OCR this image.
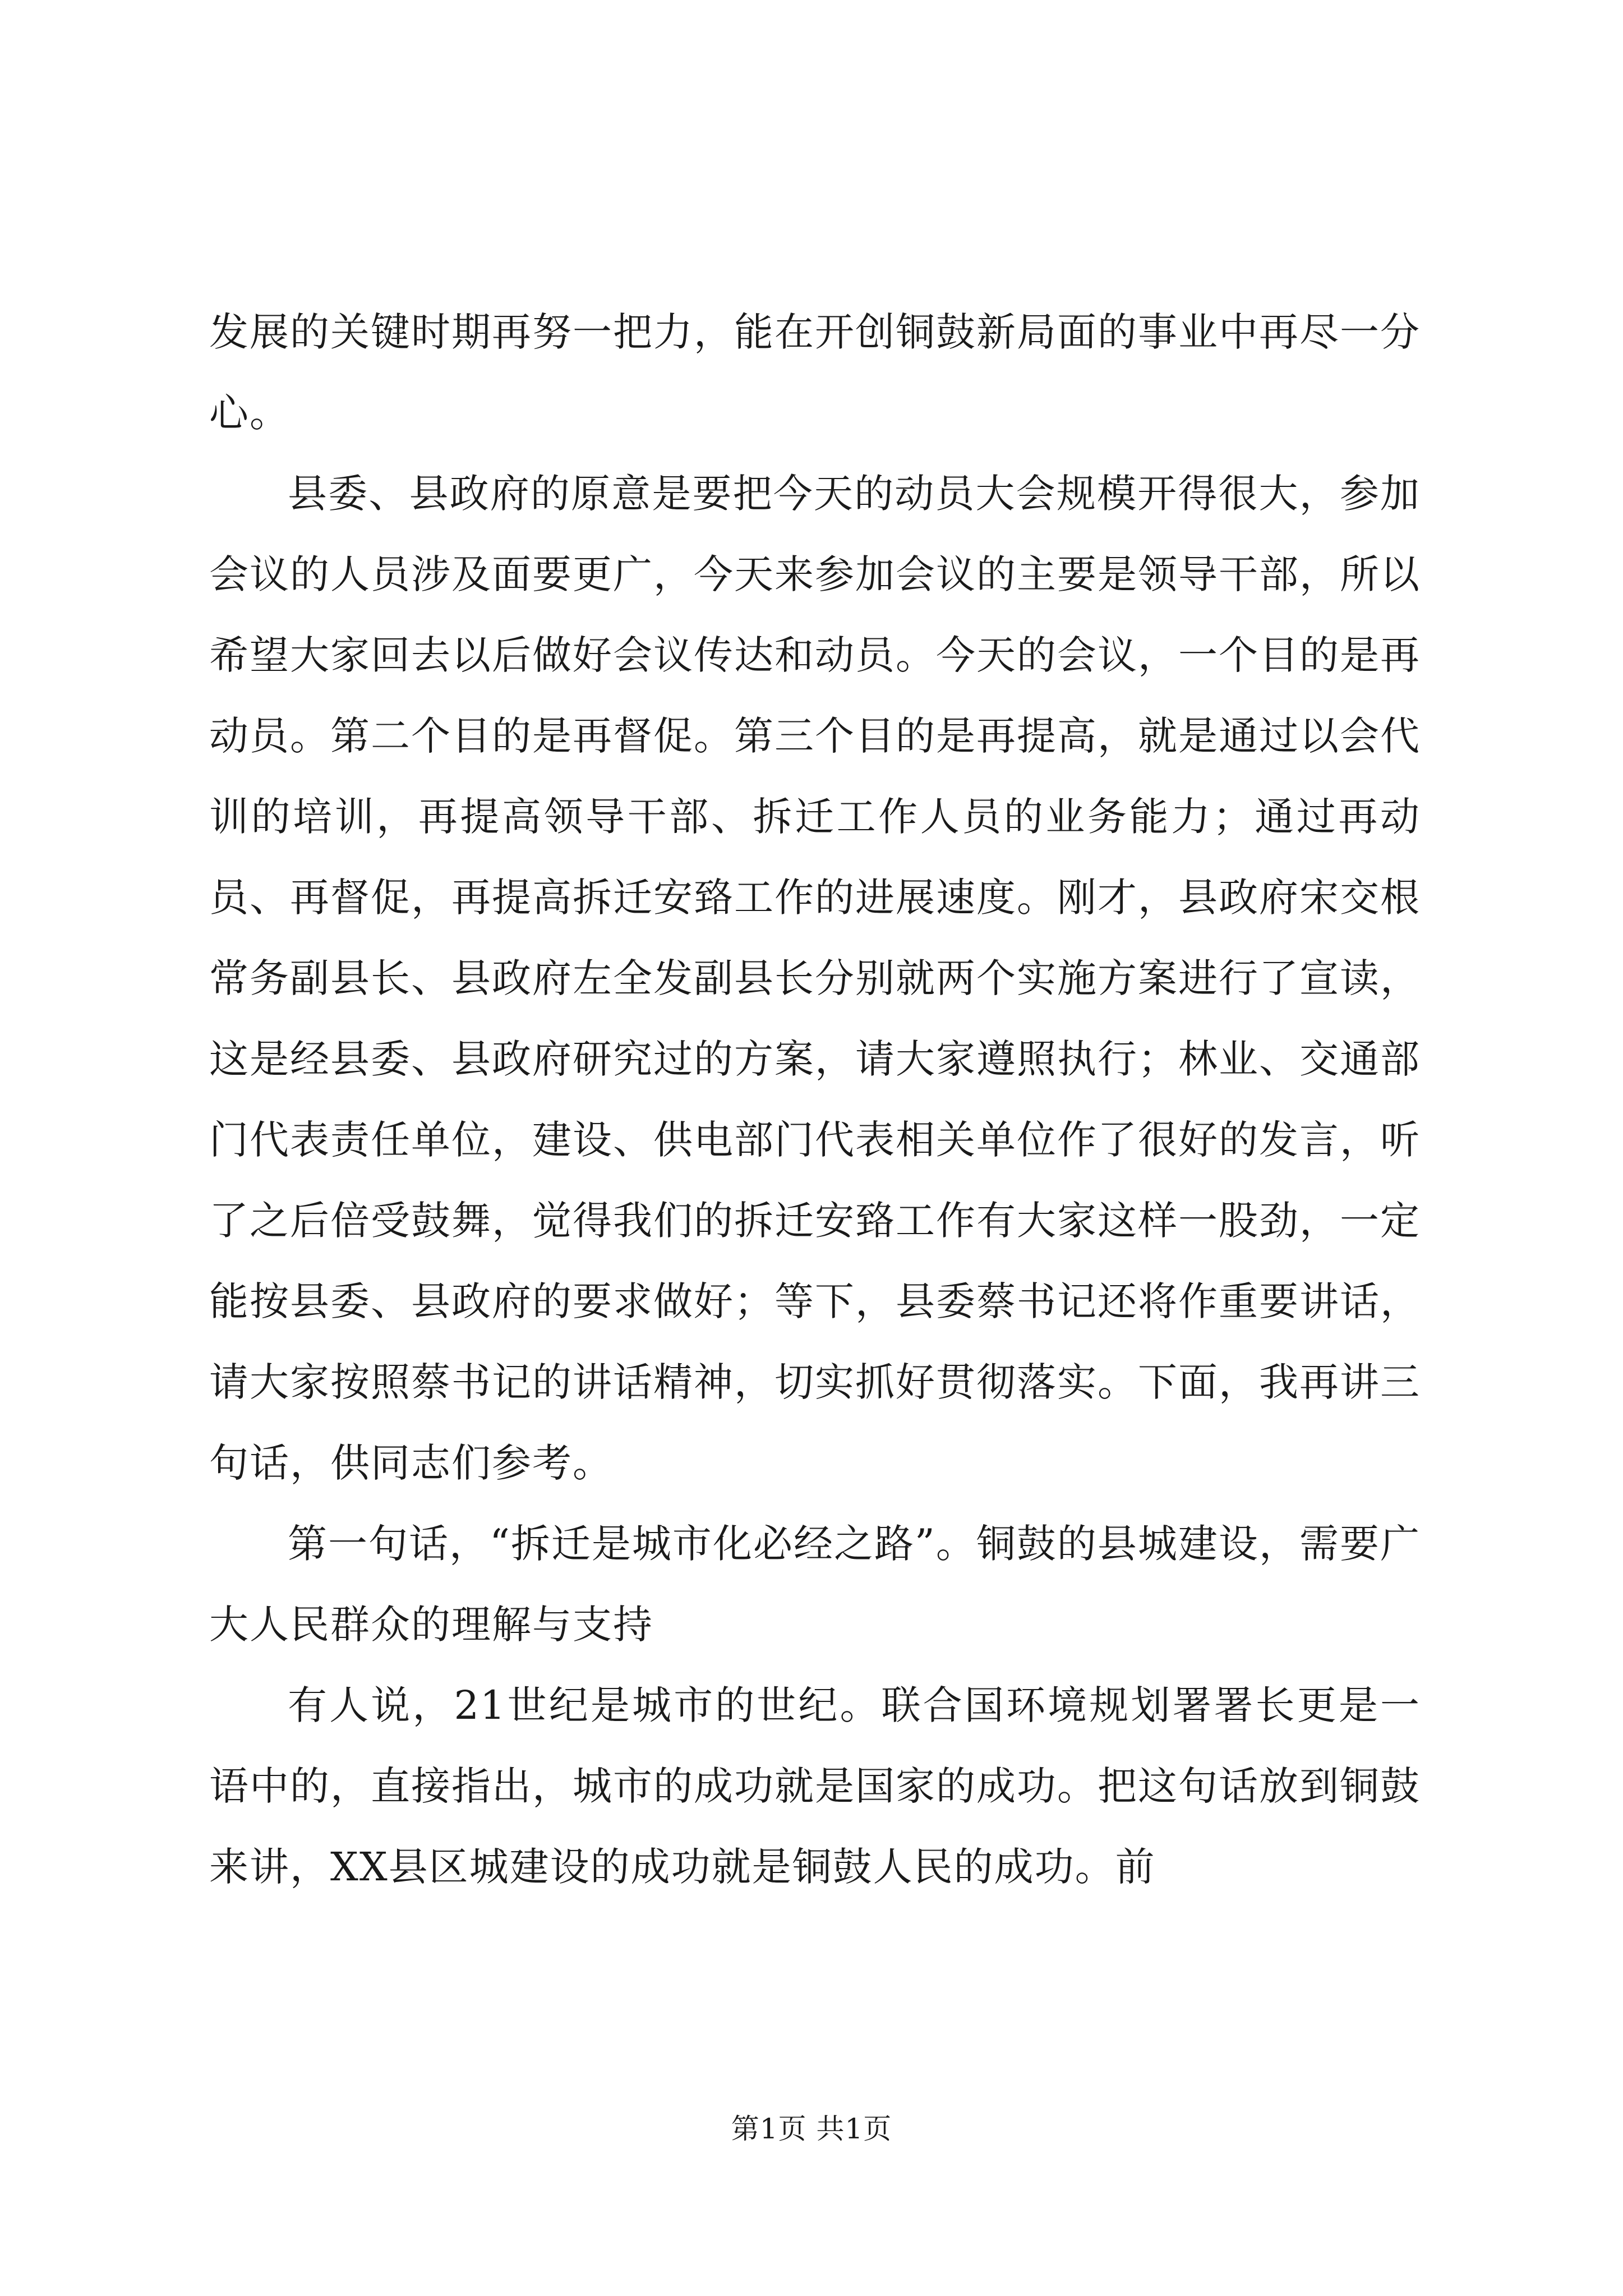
发展的关键时期再努一把力，能在开创铜鼓新局面的事业中再尽一分心。

县委、县政府的原意是要把今天的动员大会规模开得很大，参加会议的人员涉及面要更广，今天来参加会议的主要是领导干部，所以希望大家回去以后做好会议传达和动员。今天的会议，一个目的是再动员。第二个目的是再督促。第三个目的是再提高，就是通过以会代训的培训，再提高领导干部、拆迁工作人员的业务能力；通过再动员、再督促，再提高拆迁安臵工作的进展速度。刚才，县政府宋交根常务副县长、县政府左全发副县长分别就两个实施方案进行了宣读，这是经县委、县政府研究过的方案，请大家遵照执行；林业、交通部门代表责任单位，建设、供电部门代表相关单位作了很好的发言，听了之后倍受鼓舞，觉得我们的拆迁安臵工作有大家这样一股劲，一定能按县委、县政府的要求做好；等下，县委蔡书记还将作重要讲话，请大家按照蔡书记的讲话精神，切实抓好贯彻落实。下面，我再讲三句话，供同志们参考。

第一句话，“拆迁是城市化必经之路”。铜鼓的县城建设，需要广大人民群众的理解与支持

有人说，21世纪是城市的世纪。联合国环境规划署署长更是一语中的，直接指出，城市的成功就是国家的成功。把这句话放到铜鼓来讲，XX县区城建设的成功就是铜鼓人民的成功。前

第1页 共1页
